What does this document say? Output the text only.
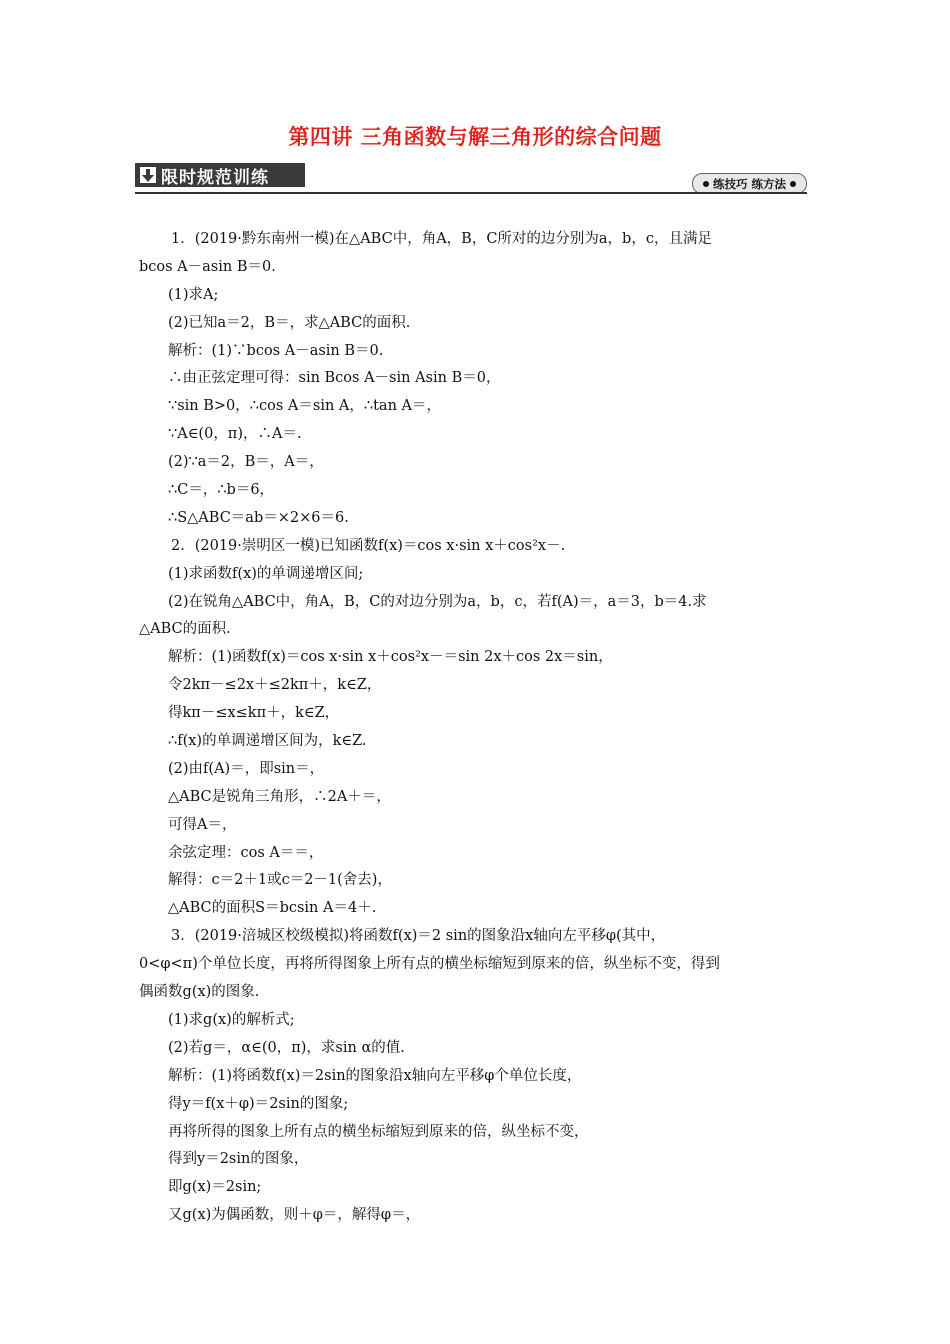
第四讲 三角函数与解三角形的综合问题
限时规范训练	练技巧 练方法
1．(2019·黔东南州一模)在△ABC中，角A，B，C所对的边分别为a，b，c，且满足
bcos A－asin B＝0.
(1)求A;
(2)已知a＝2，B＝，求△ABC的面积.
解析：(1)∵bcos A－asin B＝0.
∴由正弦定理可得：sin Bcos A－sin Asin B＝0，
∵sin B>0，∴cos A＝sin A，∴tan A＝，
∵A∈(0，π)，∴A＝.
(2)∵a＝2，B＝，A＝，
∴C＝，∴b＝6，
∴S△ABC＝ab＝×2×6＝6.
2．(2019·崇明区一模)已知函数f(x)＝cos x·sin x＋cos²x－.
(1)求函数f(x)的单调递增区间;
(2)在锐角△ABC中，角A，B，C的对边分别为a，b，c，若f(A)＝，a＝3，b＝4.求
△ABC的面积.
解析：(1)函数f(x)＝cos x·sin x＋cos²x－＝sin 2x＋cos 2x＝sin，
令2kπ－≤2x＋≤2kπ＋，k∈Z，
得kπ－≤x≤kπ＋，k∈Z，
∴f(x)的单调递增区间为，k∈Z.
(2)由f(A)＝，即sin＝，
△ABC是锐角三角形，∴2A＋＝，
可得A＝，
余弦定理：cos A＝＝，
解得：c＝2＋1或c＝2－1(舍去)，
△ABC的面积S＝bcsin A＝4＋.
3．(2019·涪城区校级模拟)将函数f(x)＝2 sin的图象沿x轴向左平移φ(其中，
0<φ<π)个单位长度，再将所得图象上所有点的横坐标缩短到原来的倍，纵坐标不变，得到
偶函数g(x)的图象.
(1)求g(x)的解析式;
(2)若g＝，α∈(0，π)，求sin α的值.
解析：(1)将函数f(x)＝2sin的图象沿x轴向左平移φ个单位长度，
得y＝f(x＋φ)＝2sin的图象;
再将所得的图象上所有点的横坐标缩短到原来的倍，纵坐标不变，
得到y＝2sin的图象，
即g(x)＝2sin;
又g(x)为偶函数，则＋φ＝，解得φ＝，
